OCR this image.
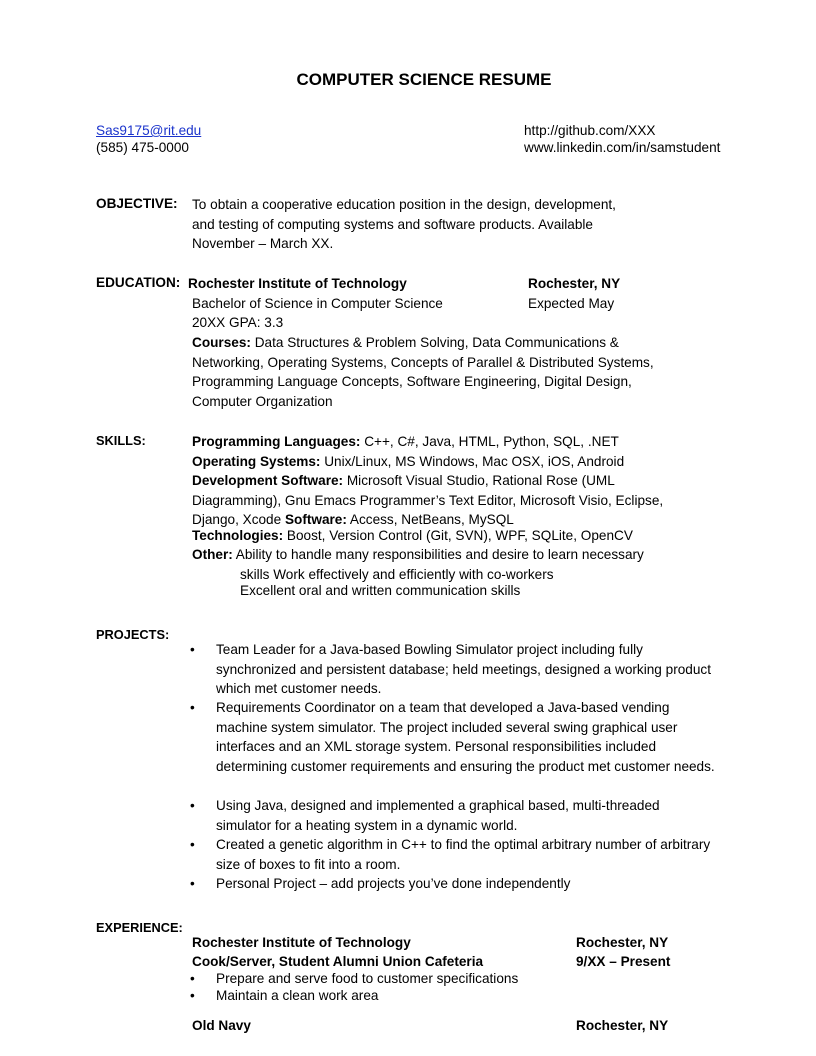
COMPUTER SCIENCE RESUME
Sas9175@rit.edu
(585) 475-0000
http://github.com/XXX
www.linkedin.com/in/samstudent
OBJECTIVE: To obtain a cooperative education position in the design, development,
and testing of computing systems and software products. Available
November – March XX.
EDUCATION: Rochester Institute of Technology	Rochester, NY
Bachelor of Science in Computer Science	Expected May
20XX GPA: 3.3
Courses: Data Structures & Problem Solving, Data Communications &
Networking, Operating Systems, Concepts of Parallel & Distributed Systems,
Programming Language Concepts, Software Engineering, Digital Design,
Computer Organization
SKILLS:	Programming Languages: C++, C#, Java, HTML, Python, SQL, .NET
Operating Systems: Unix/Linux, MS Windows, Mac OSX, iOS, Android
Development Software: Microsoft Visual Studio, Rational Rose (UML
Diagramming), Gnu Emacs Programmer’s Text Editor, Microsoft Visio, Eclipse,
Django, Xcode Software: Access, NetBeans, MySQL
Technologies: Boost, Version Control (Git, SVN), WPF, SQLite, OpenCV
Other: Ability to handle many responsibilities and desire to learn necessary
skills Work effectively and efficiently with co-workers
Excellent oral and written communication skills
PROJECTS:
• Team Leader for a Java-based Bowling Simulator project including fully synchronized and persistent database; held meetings, designed a working product which met customer needs.
• Requirements Coordinator on a team that developed a Java-based vending machine system simulator. The project included several swing graphical user interfaces and an XML storage system. Personal responsibilities included determining customer requirements and ensuring the product met customer needs.
• Using Java, designed and implemented a graphical based, multi-threaded simulator for a heating system in a dynamic world.
• Created a genetic algorithm in C++ to find the optimal arbitrary number of arbitrary size of boxes to fit into a room.
• Personal Project – add projects you’ve done independently
EXPERIENCE:
Rochester Institute of Technology	Rochester, NY
Cook/Server, Student Alumni Union Cafeteria	9/XX – Present
• Prepare and serve food to customer specifications
• Maintain a clean work area
Old Navy	Rochester, NY
